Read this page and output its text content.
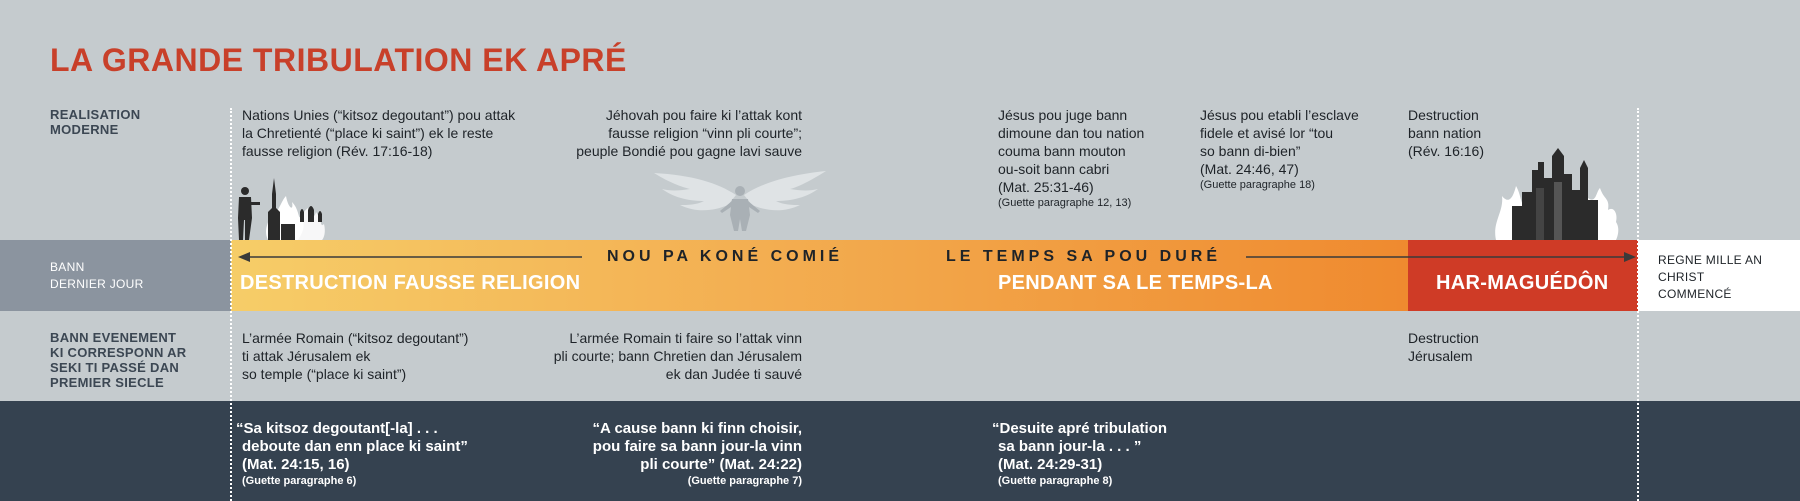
LA GRANDE TRIBULATION EK APRÉ
REALISATION
MODERNE
BANN EVENEMENT
KI CORRESPONN AR
SEKI TI PASSÉ DAN
PREMIER SIECLE
Nations Unies (“kitsoz degoutant”) pou attak
la Chretienté (“place ki saint”) ek le reste
fausse religion (Rév. 17:16-18)
Jéhovah pou faire ki l’attak kont
fausse religion “vinn pli courte”;
peuple Bondié pou gagne lavi sauve
Jésus pou juge bann
dimoune dan tou nation
couma bann mouton
ou-soit bann cabri
(Mat. 25:31-46)
(Guette paragraphe 12, 13)
Jésus pou etabli l’esclave
fidele et avisé lor “tou
so bann di-bien”
(Mat. 24:46, 47)
(Guette paragraphe 18)
Destruction
bann nation
(Rév. 16:16)
BANN
DERNIER JOUR
NOU PA KONÉ COMIÉ	LE TEMPS SA POU DURÉ
DESTRUCTION FAUSSE RELIGION	PENDANT SA LE TEMPS-LA	HAR-MAGUÉDÔN
REGNE MILLE AN
CHRIST
COMMENCÉ
L’armée Romain (“kitsoz degoutant”)
ti attak Jérusalem ek
so temple (“place ki saint”)
L’armée Romain ti faire so l’attak vinn
pli courte; bann Chretien dan Jérusalem
ek dan Judée ti sauvé
Destruction
Jérusalem
“Sa kitsoz degoutant[-la] . . .
deboute dan enn place ki saint”
(Mat. 24:15, 16)
(Guette paragraphe 6)
“A cause bann ki finn choisir,
pou faire sa bann jour-la vinn
pli courte” (Mat. 24:22)
(Guette paragraphe 7)
“Desuite apré tribulation
sa bann jour-la . . . ”
(Mat. 24:29-31)
(Guette paragraphe 8)
